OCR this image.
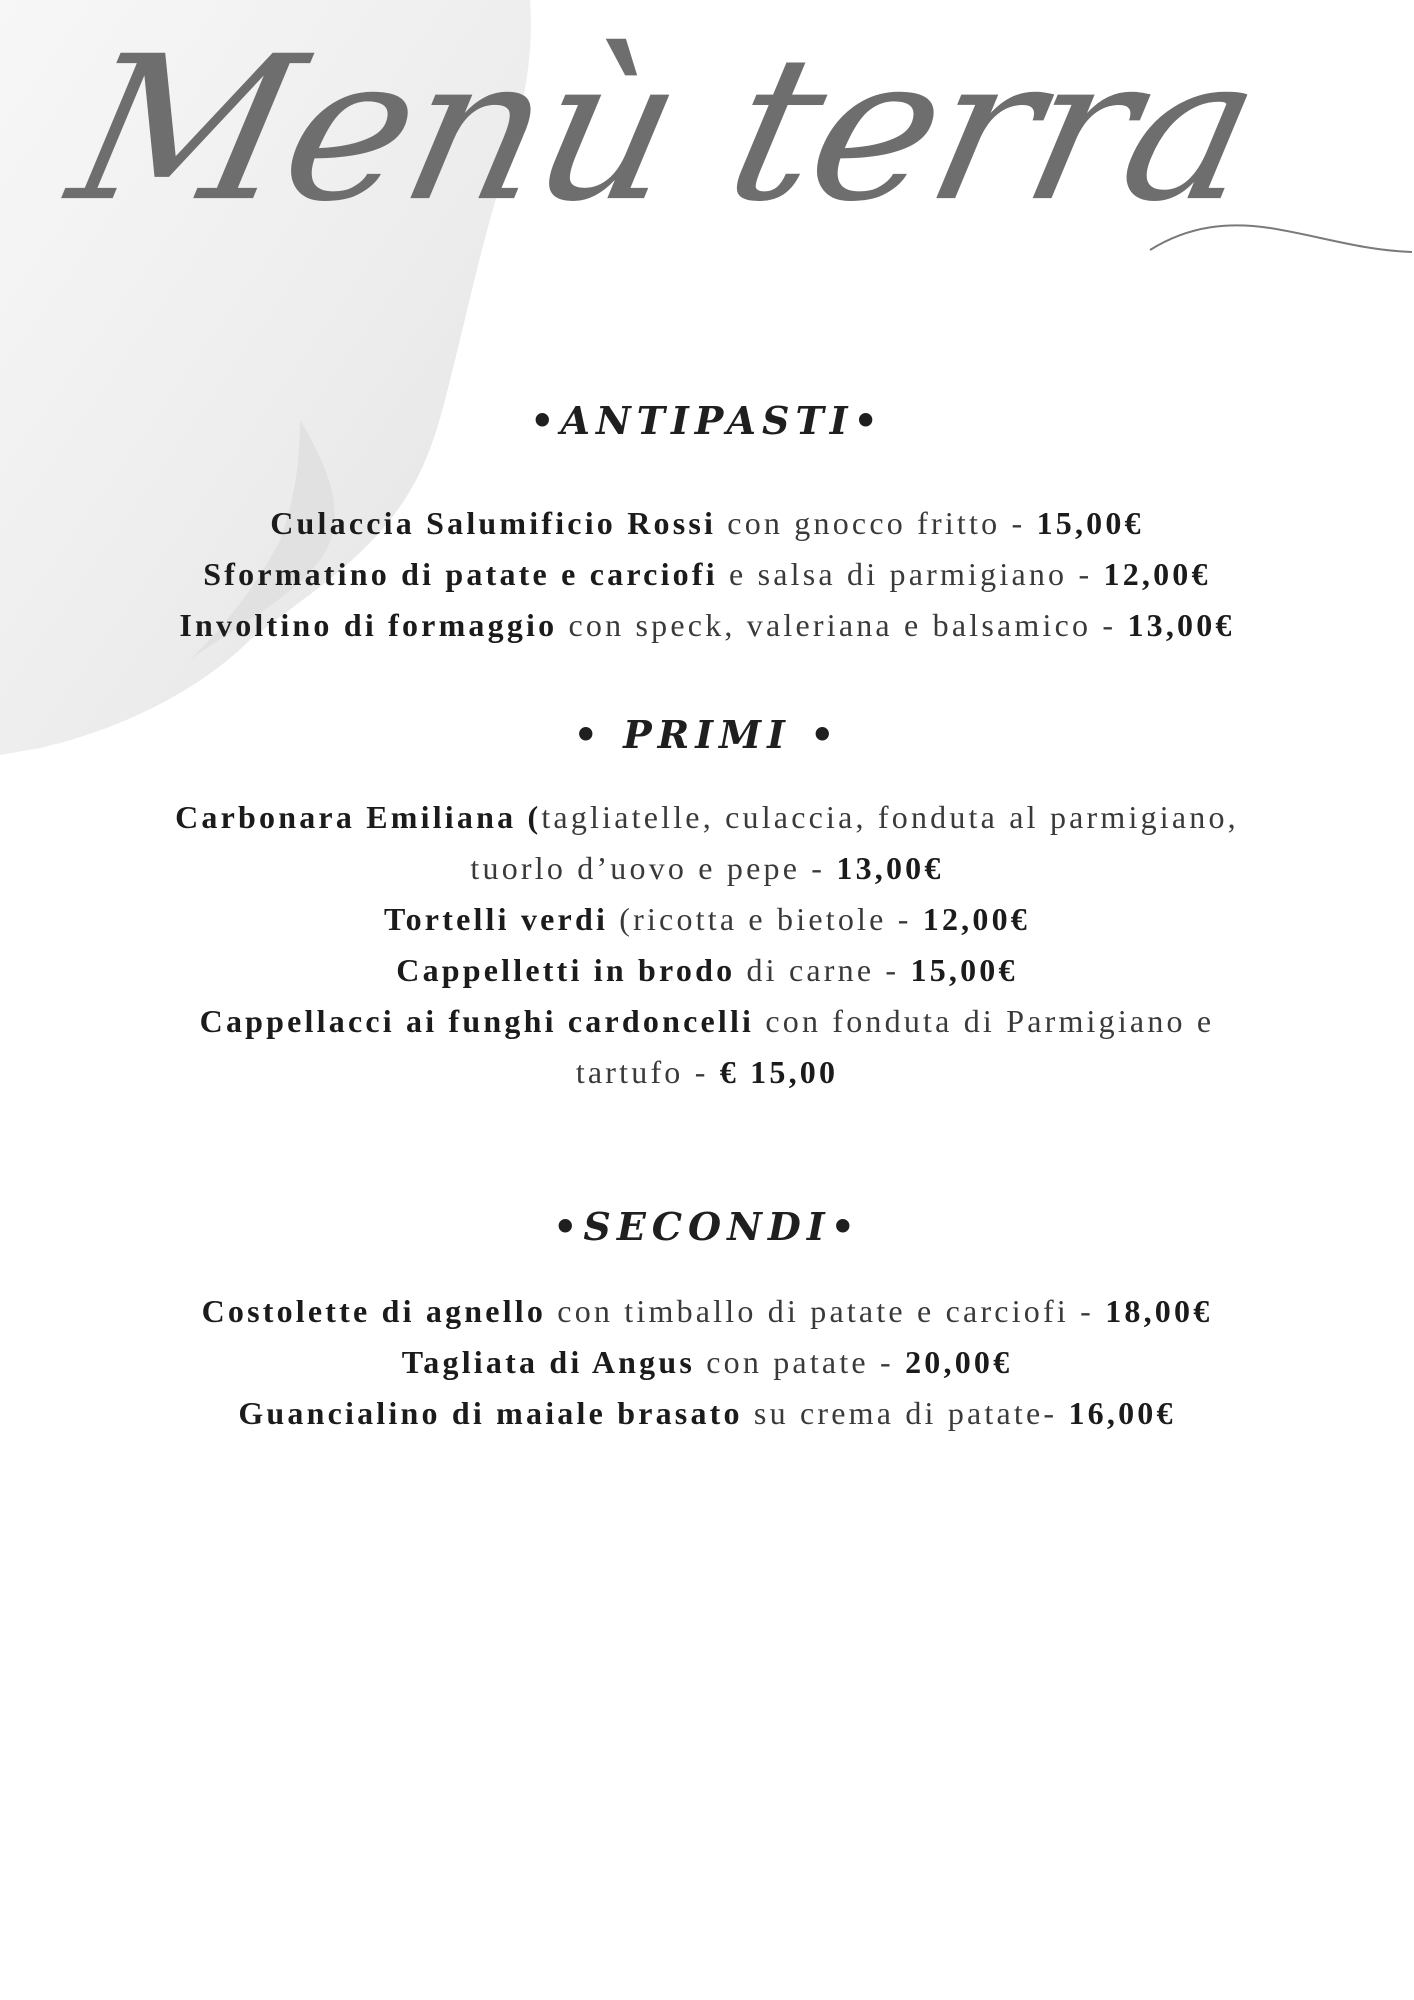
Menù terra
•ANTIPASTI•

Culaccia Salumificio Rossi con gnocco fritto - 15,00€

Sformatino di patate e carciofi e salsa di parmigiano - 12,00€

Involtino di formaggio con speck, valeriana e balsamico - 13,00€

• PRIMI •

Carbonara Emiliana (tagliatelle, culaccia, fonduta al parmigiano,

tuorlo d’uovo e pepe - 13,00€

Tortelli verdi (ricotta e bietole - 12,00€

Cappelletti in brodo di carne - 15,00€

Cappellacci ai funghi cardoncelli con fonduta di Parmigiano e

tartufo - € 15,00

•SECONDI•

Costolette di agnello con timballo di patate e carciofi - 18,00€

Tagliata di Angus con patate - 20,00€

Guancialino di maiale brasato su crema di patate- 16,00€
